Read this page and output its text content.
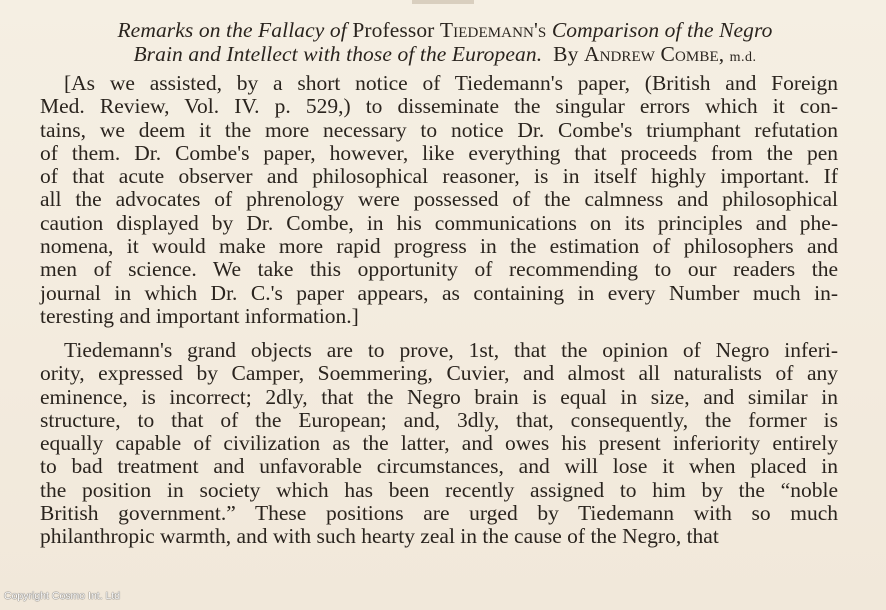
Remarks on the Fallacy of Professor Tiedemann's Comparison of the Negro
Brain and Intellect with those of the European. By Andrew Combe, m.d.
[As we assisted, by a short notice of Tiedemann's paper, (British and Foreign
Med. Review, Vol. IV. p. 529,) to disseminate the singular errors which it con-
tains, we deem it the more necessary to notice Dr. Combe's triumphant refutation
of them. Dr. Combe's paper, however, like everything that proceeds from the pen
of that acute observer and philosophical reasoner, is in itself highly important. If
all the advocates of phrenology were possessed of the calmness and philosophical
caution displayed by Dr. Combe, in his communications on its principles and phe-
nomena, it would make more rapid progress in the estimation of philosophers and
men of science. We take this opportunity of recommending to our readers the
journal in which Dr. C.'s paper appears, as containing in every Number much in-
teresting and important information.]
Tiedemann's grand objects are to prove, 1st, that the opinion of Negro inferi-
ority, expressed by Camper, Soemmering, Cuvier, and almost all naturalists of any
eminence, is incorrect; 2dly, that the Negro brain is equal in size, and similar in
structure, to that of the European; and, 3dly, that, consequently, the former is
equally capable of civilization as the latter, and owes his present inferiority entirely
to bad treatment and unfavorable circumstances, and will lose it when placed in
the position in society which has been recently assigned to him by the “noble
British government.” These positions are urged by Tiedemann with so much
philanthropic warmth, and with such hearty zeal in the cause of the Negro, that
Copyright Cosmo Int. Ltd
